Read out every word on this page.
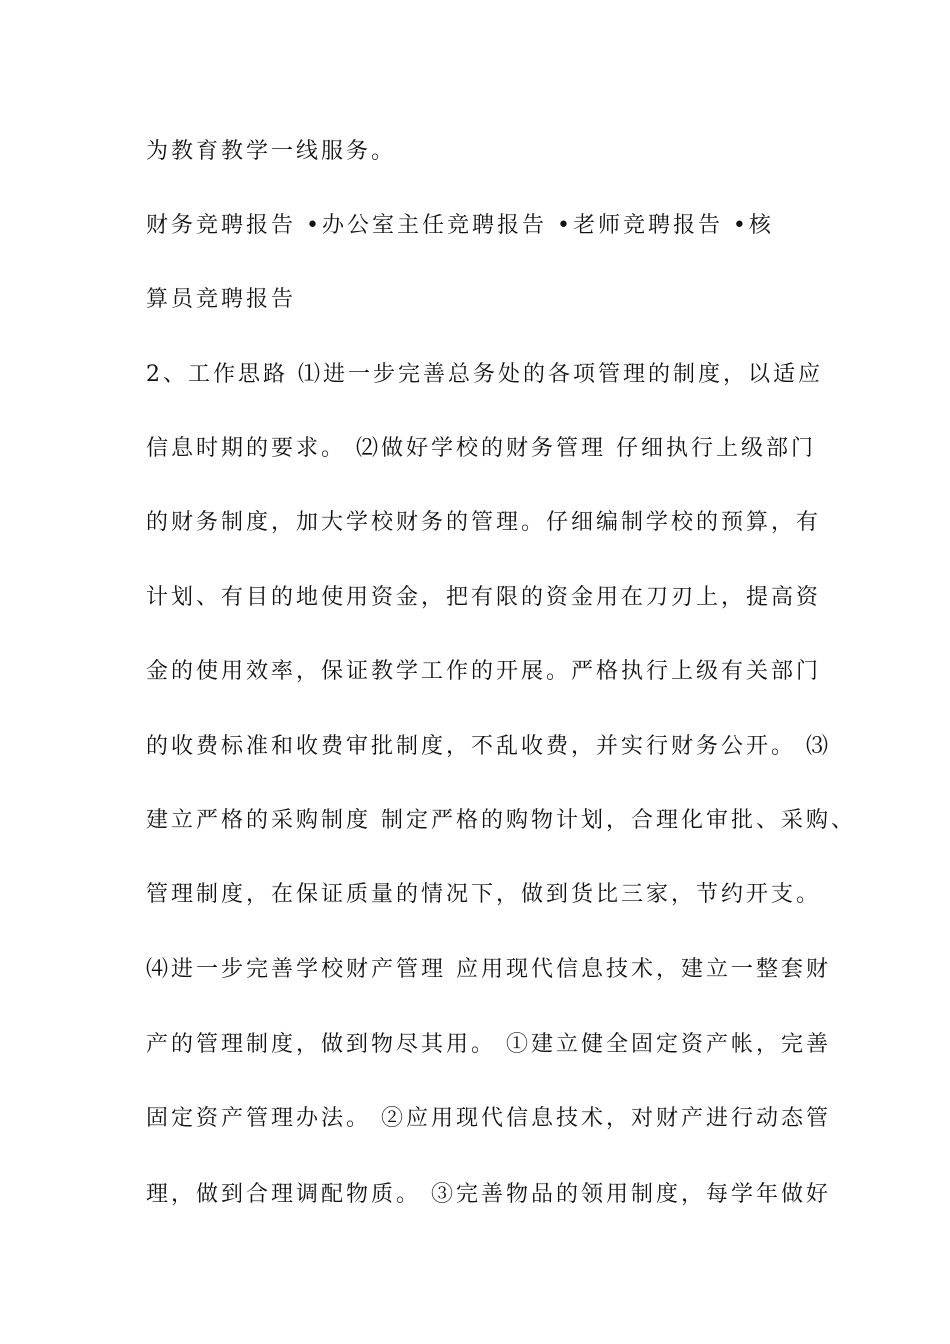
为教育教学一线服务。
财务竞聘报告 •办公室主任竞聘报告 •老师竞聘报告 •核
算员竞聘报告
2、工作思路 ⑴进一步完善总务处的各项管理的制度，以适应
信息时期的要求。 ⑵做好学校的财务管理 仔细执行上级部门
的财务制度，加大学校财务的管理。仔细编制学校的预算，有
计划、有目的地使用资金，把有限的资金用在刀刃上，提高资
金的使用效率，保证教学工作的开展。严格执行上级有关部门
的收费标准和收费审批制度，不乱收费，并实行财务公开。 ⑶
建立严格的采购制度 制定严格的购物计划，合理化审批、采购、
管理制度，在保证质量的情况下，做到货比三家，节约开支。
⑷进一步完善学校财产管理 应用现代信息技术，建立一整套财
产的管理制度，做到物尽其用。 ①建立健全固定资产帐，完善
固定资产管理办法。 ②应用现代信息技术，对财产进行动态管
理，做到合理调配物质。 ③完善物品的领用制度，每学年做好
